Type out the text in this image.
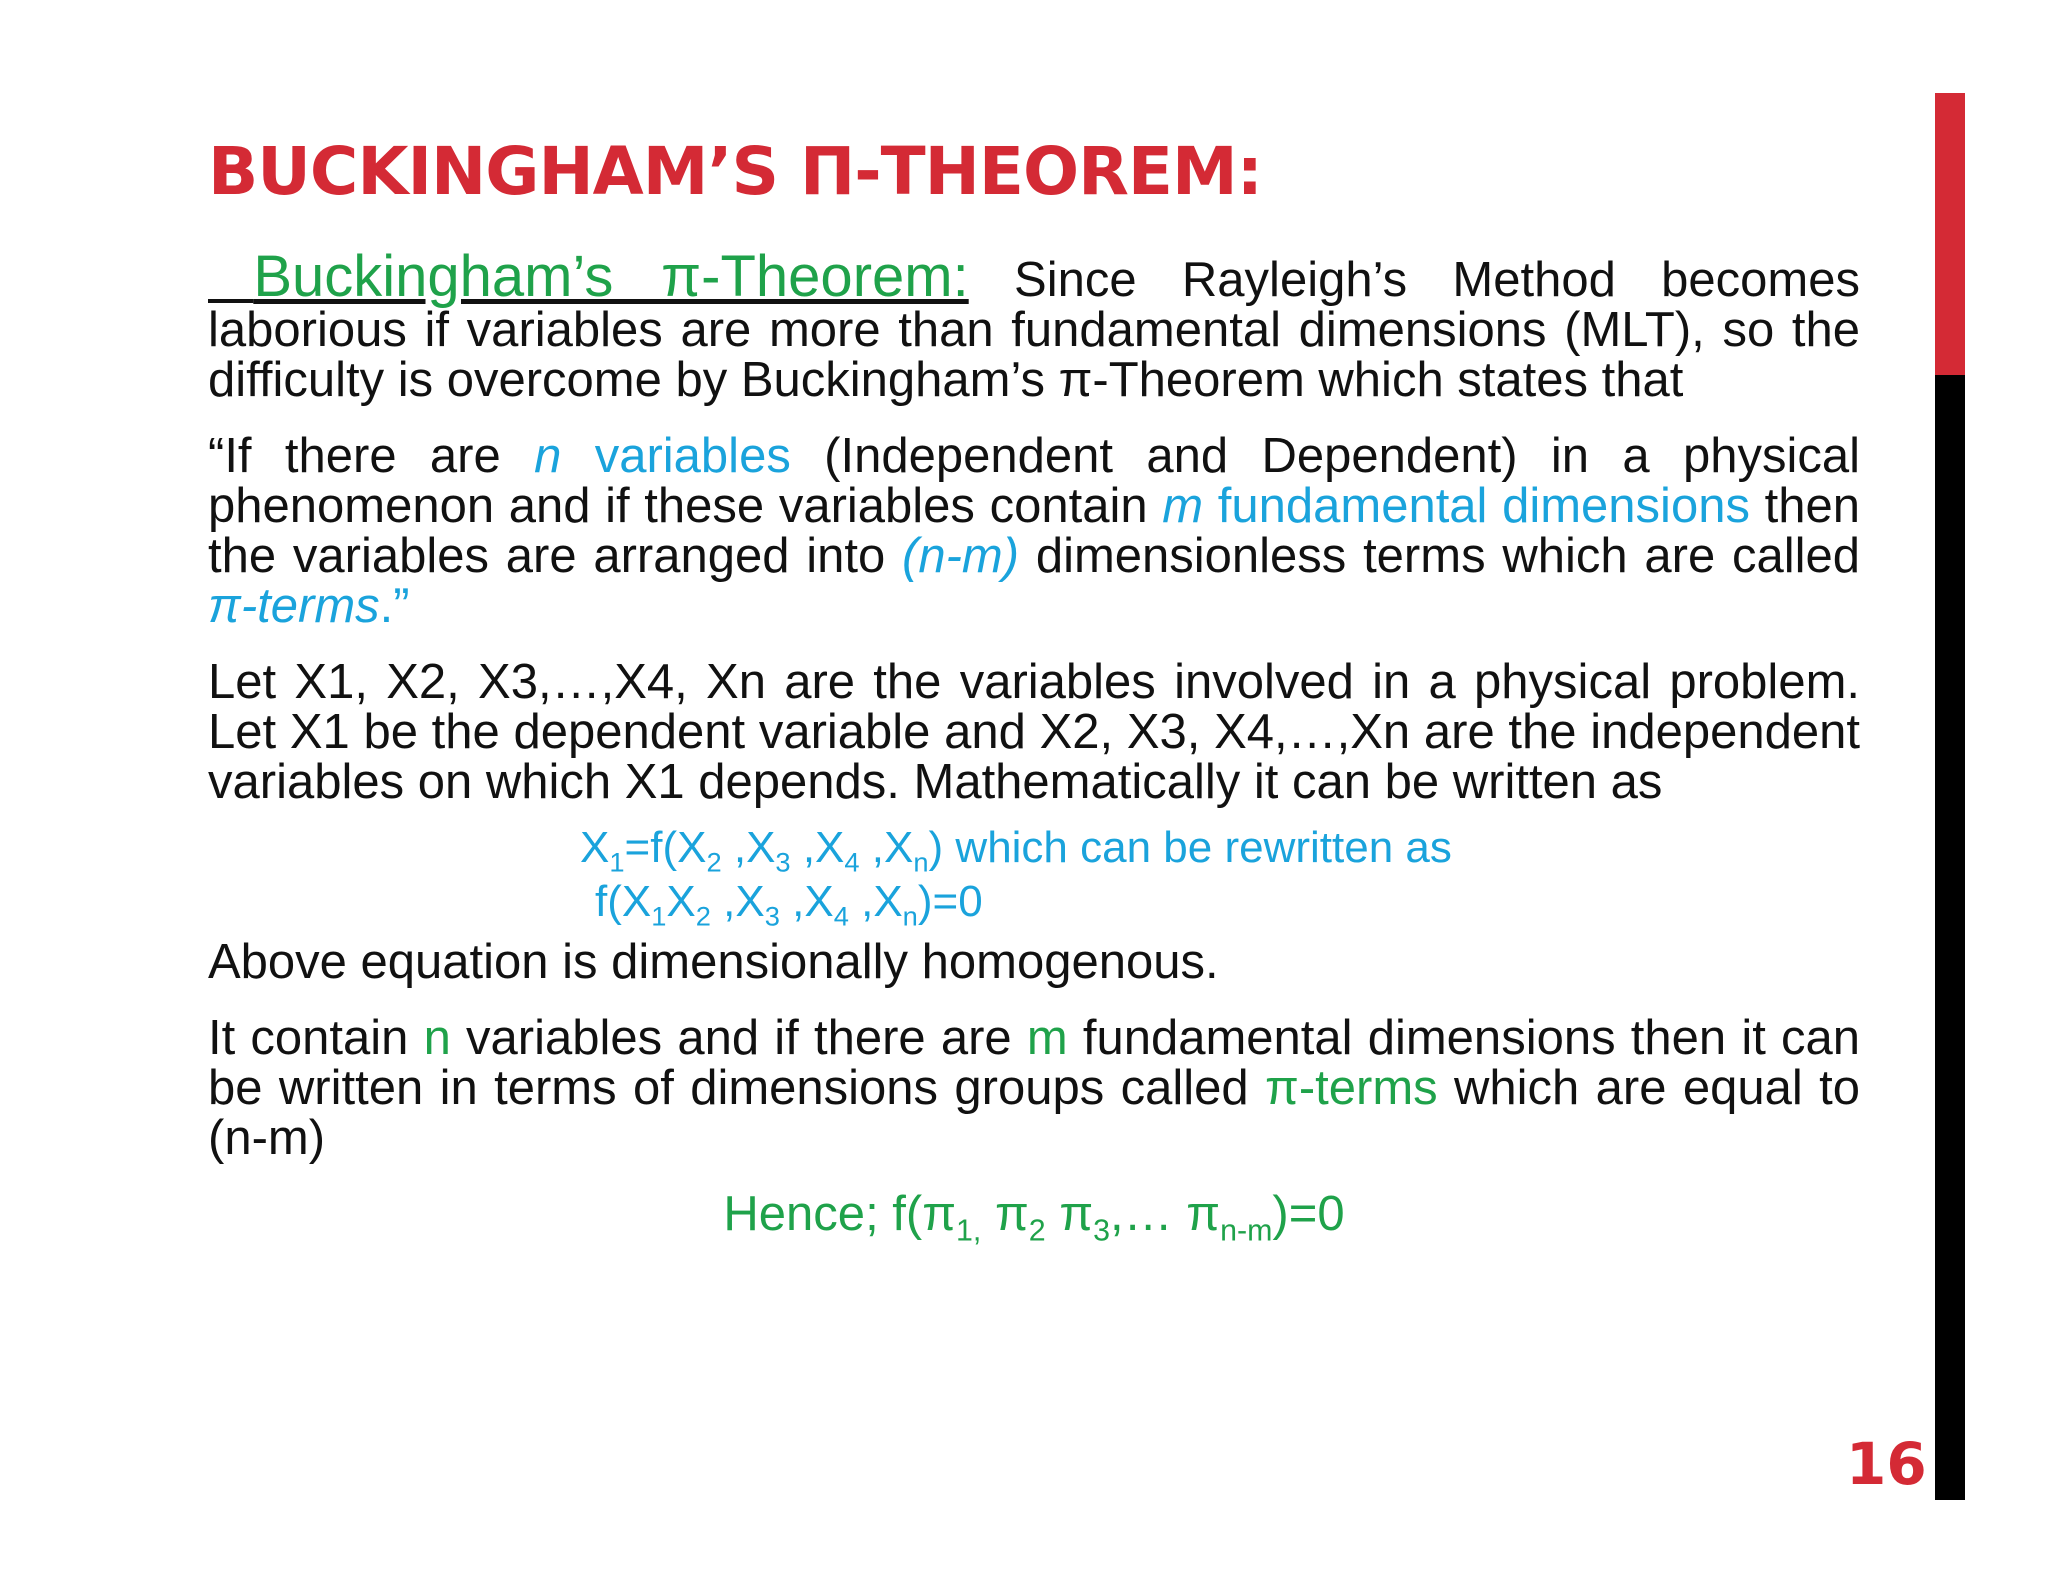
BUCKINGHAM’S Π-THEOREM:

Buckingham’s π-Theorem: Since Rayleigh’s Method becomes laborious if variables are more than fundamental dimensions (MLT), so the difficulty is overcome by Buckingham’s π-Theorem which states that

“If there are n variables (Independent and Dependent) in a physical phenomenon and if these variables contain m fundamental dimensions then the variables are arranged into (n-m) dimensionless terms which are called π-terms.”

Let X1, X2, X3,…,X4, Xn are the variables involved in a physical problem. Let X1 be the dependent variable and X2, X3, X4,…,Xn are the independent variables on which X1 depends. Mathematically it can be written as

$X_1=f(X_2$ $,X_3$ $,X_4$ $,X_n$) which can be rewritten as
$f(X_1X_2$ $,X_3$ $,X_4$ $,X_n)=0$

Above equation is dimensionally homogenous.

It contain n variables and if there are m fundamental dimensions then it can be written in terms of dimensions groups called π-terms which are equal to (n-m)

Hence; $f(\pi_{1,}$ $\pi_2$ $\pi_3,\dots$ $\pi_{n-m})=0$
16
